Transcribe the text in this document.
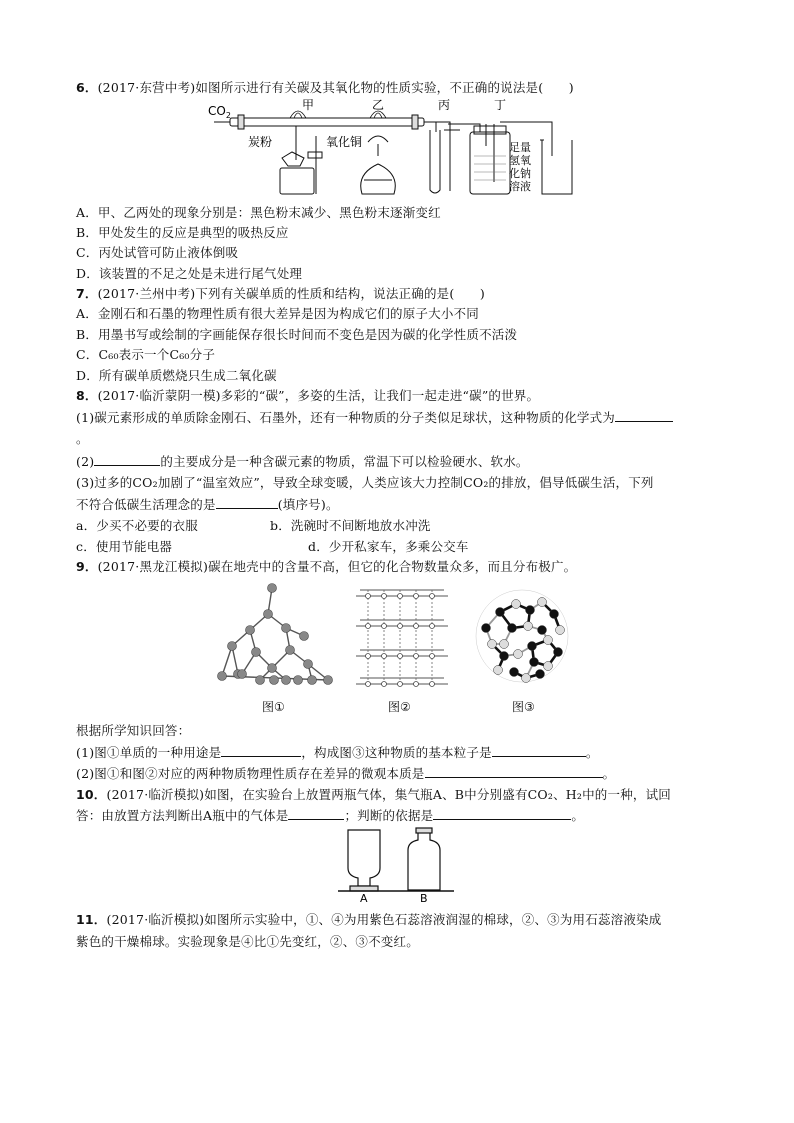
6．(2017·东营中考)如图所示进行有关碳及其氧化物的性质实验，不正确的说法是(　　)
$CO_2$
甲	乙	丙	丁
炭粉	氧化铜	足量
氢氧
化钠
溶液
A．甲、乙两处的现象分别是：黑色粉末减少、黑色粉末逐渐变红
B．甲处发生的反应是典型的吸热反应
C．丙处试管可防止液体倒吸
D．该装置的不足之处是未进行尾气处理
7．(2017·兰州中考)下列有关碳单质的性质和结构，说法正确的是(　　)
A．金刚石和石墨的物理性质有很大差异是因为构成它们的原子大小不同
B．用墨书写或绘制的字画能保存很长时间而不变色是因为碳的化学性质不活泼
C．C₆₀表示一个C₆₀分子
D．所有碳单质燃烧只生成二氧化碳
8．(2017·临沂蒙阴一模)多彩的“碳”，多姿的生活，让我们一起走进“碳”的世界。
(1)碳元素形成的单质除金刚石、石墨外，还有一种物质的分子类似足球状，这种物质的化学式为
。
(2)	的主要成分是一种含碳元素的物质，常温下可以检验硬水、软水。
(3)过多的CO₂加剧了“温室效应”，导致全球变暖，人类应该大力控制CO₂的排放，倡导低碳生活，下列
不符合低碳生活理念的是	(填序号)。
a．少买不必要的衣服	b．洗碗时不间断地放水冲洗
c．使用节能电器	d．少开私家车，多乘公交车
9．(2017·黑龙江模拟)碳在地壳中的含量不高，但它的化合物数量众多，而且分布极广。
图①	图②	图③
根据所学知识回答：
(1)图①单质的一种用途是	，构成图③这种物质的基本粒子是	。
(2)图①和图②对应的两种物质物理性质存在差异的微观本质是	。
10．(2017·临沂模拟)如图，在实验台上放置两瓶气体，集气瓶A、B中分别盛有CO₂、H₂中的一种，试回
答：由放置方法判断出A瓶中的气体是	；判断的依据是	。
A	B
11．(2017·临沂模拟)如图所示实验中，①、④为用紫色石蕊溶液润湿的棉球，②、③为用石蕊溶液染成
紫色的干燥棉球。实验现象是④比①先变红，②、③不变红。
